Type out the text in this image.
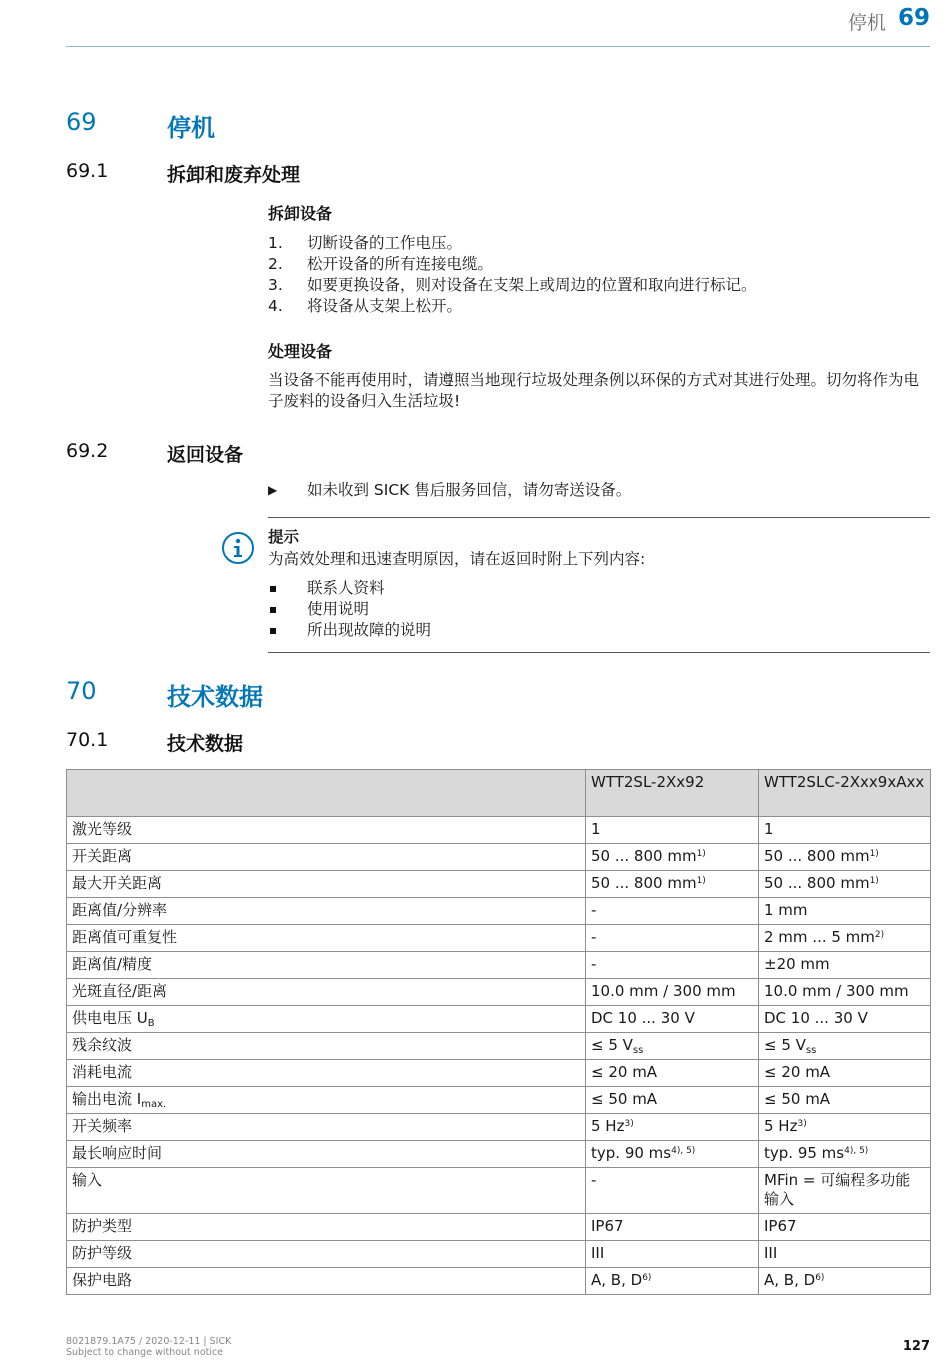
停机 69
69	停机
69.1	拆卸和废弃处理
拆卸设备
1. 切断设备的工作电压。
2. 松开设备的所有连接电缆。
3. 如要更换设备，则对设备在支架上或周边的位置和取向进行标记。
4. 将设备从支架上松开。
处理设备
当设备不能再使用时，请遵照当地现行垃圾处理条例以环保的方式对其进行处理。切勿将作为电子废料的设备归入生活垃圾!
69.2	返回设备
▶ 如未收到 SICK 售后服务回信，请勿寄送设备。
提示
为高效处理和迅速查明原因，请在返回时附上下列内容:
联系人资料
使用说明
所出现故障的说明
70	技术数据
70.1	技术数据
	WTT2SL-2Xx92	WTT2SLC-2Xxx9xAxx
激光等级	1	1
开关距离	50 ... 800 $mm^{1)}$	50 ... 800 $mm^{1)}$
最大开关距离	50 ... 800 $mm^{1)}$	50 ... 800 $mm^{1)}$
距离值/分辨率	-	1 mm
距离值可重复性	-	2 mm ... 5 $mm^{2)}$
距离值/精度	-	±20 mm
光斑直径/距离	10.0 mm / 300 mm	10.0 mm / 300 mm
供电电压 $U_B$	DC 10 ... 30 V	DC 10 ... 30 V
残余纹波	≤ 5 $V_{ss}$	≤ 5 $V_{ss}$
消耗电流	≤ 20 mA	≤ 20 mA
输出电流 $I_{max.}$	≤ 50 mA	≤ 50 mA
开关频率	5 Hz$^{3)}$	5 Hz$^{3)}$
最长响应时间	typ. 90 $ms^{4), 5)}$	typ. 95 $ms^{4), 5)}$
输入	-	MFin = 可编程多功能输入
防护类型	IP67	IP67
防护等级	III	III
保护电路	A, B, $D^{6)}$	A, B, $D^{6)}$
8021879.1A75 / 2020-12-11 | SICK
Subject to change without notice	127
